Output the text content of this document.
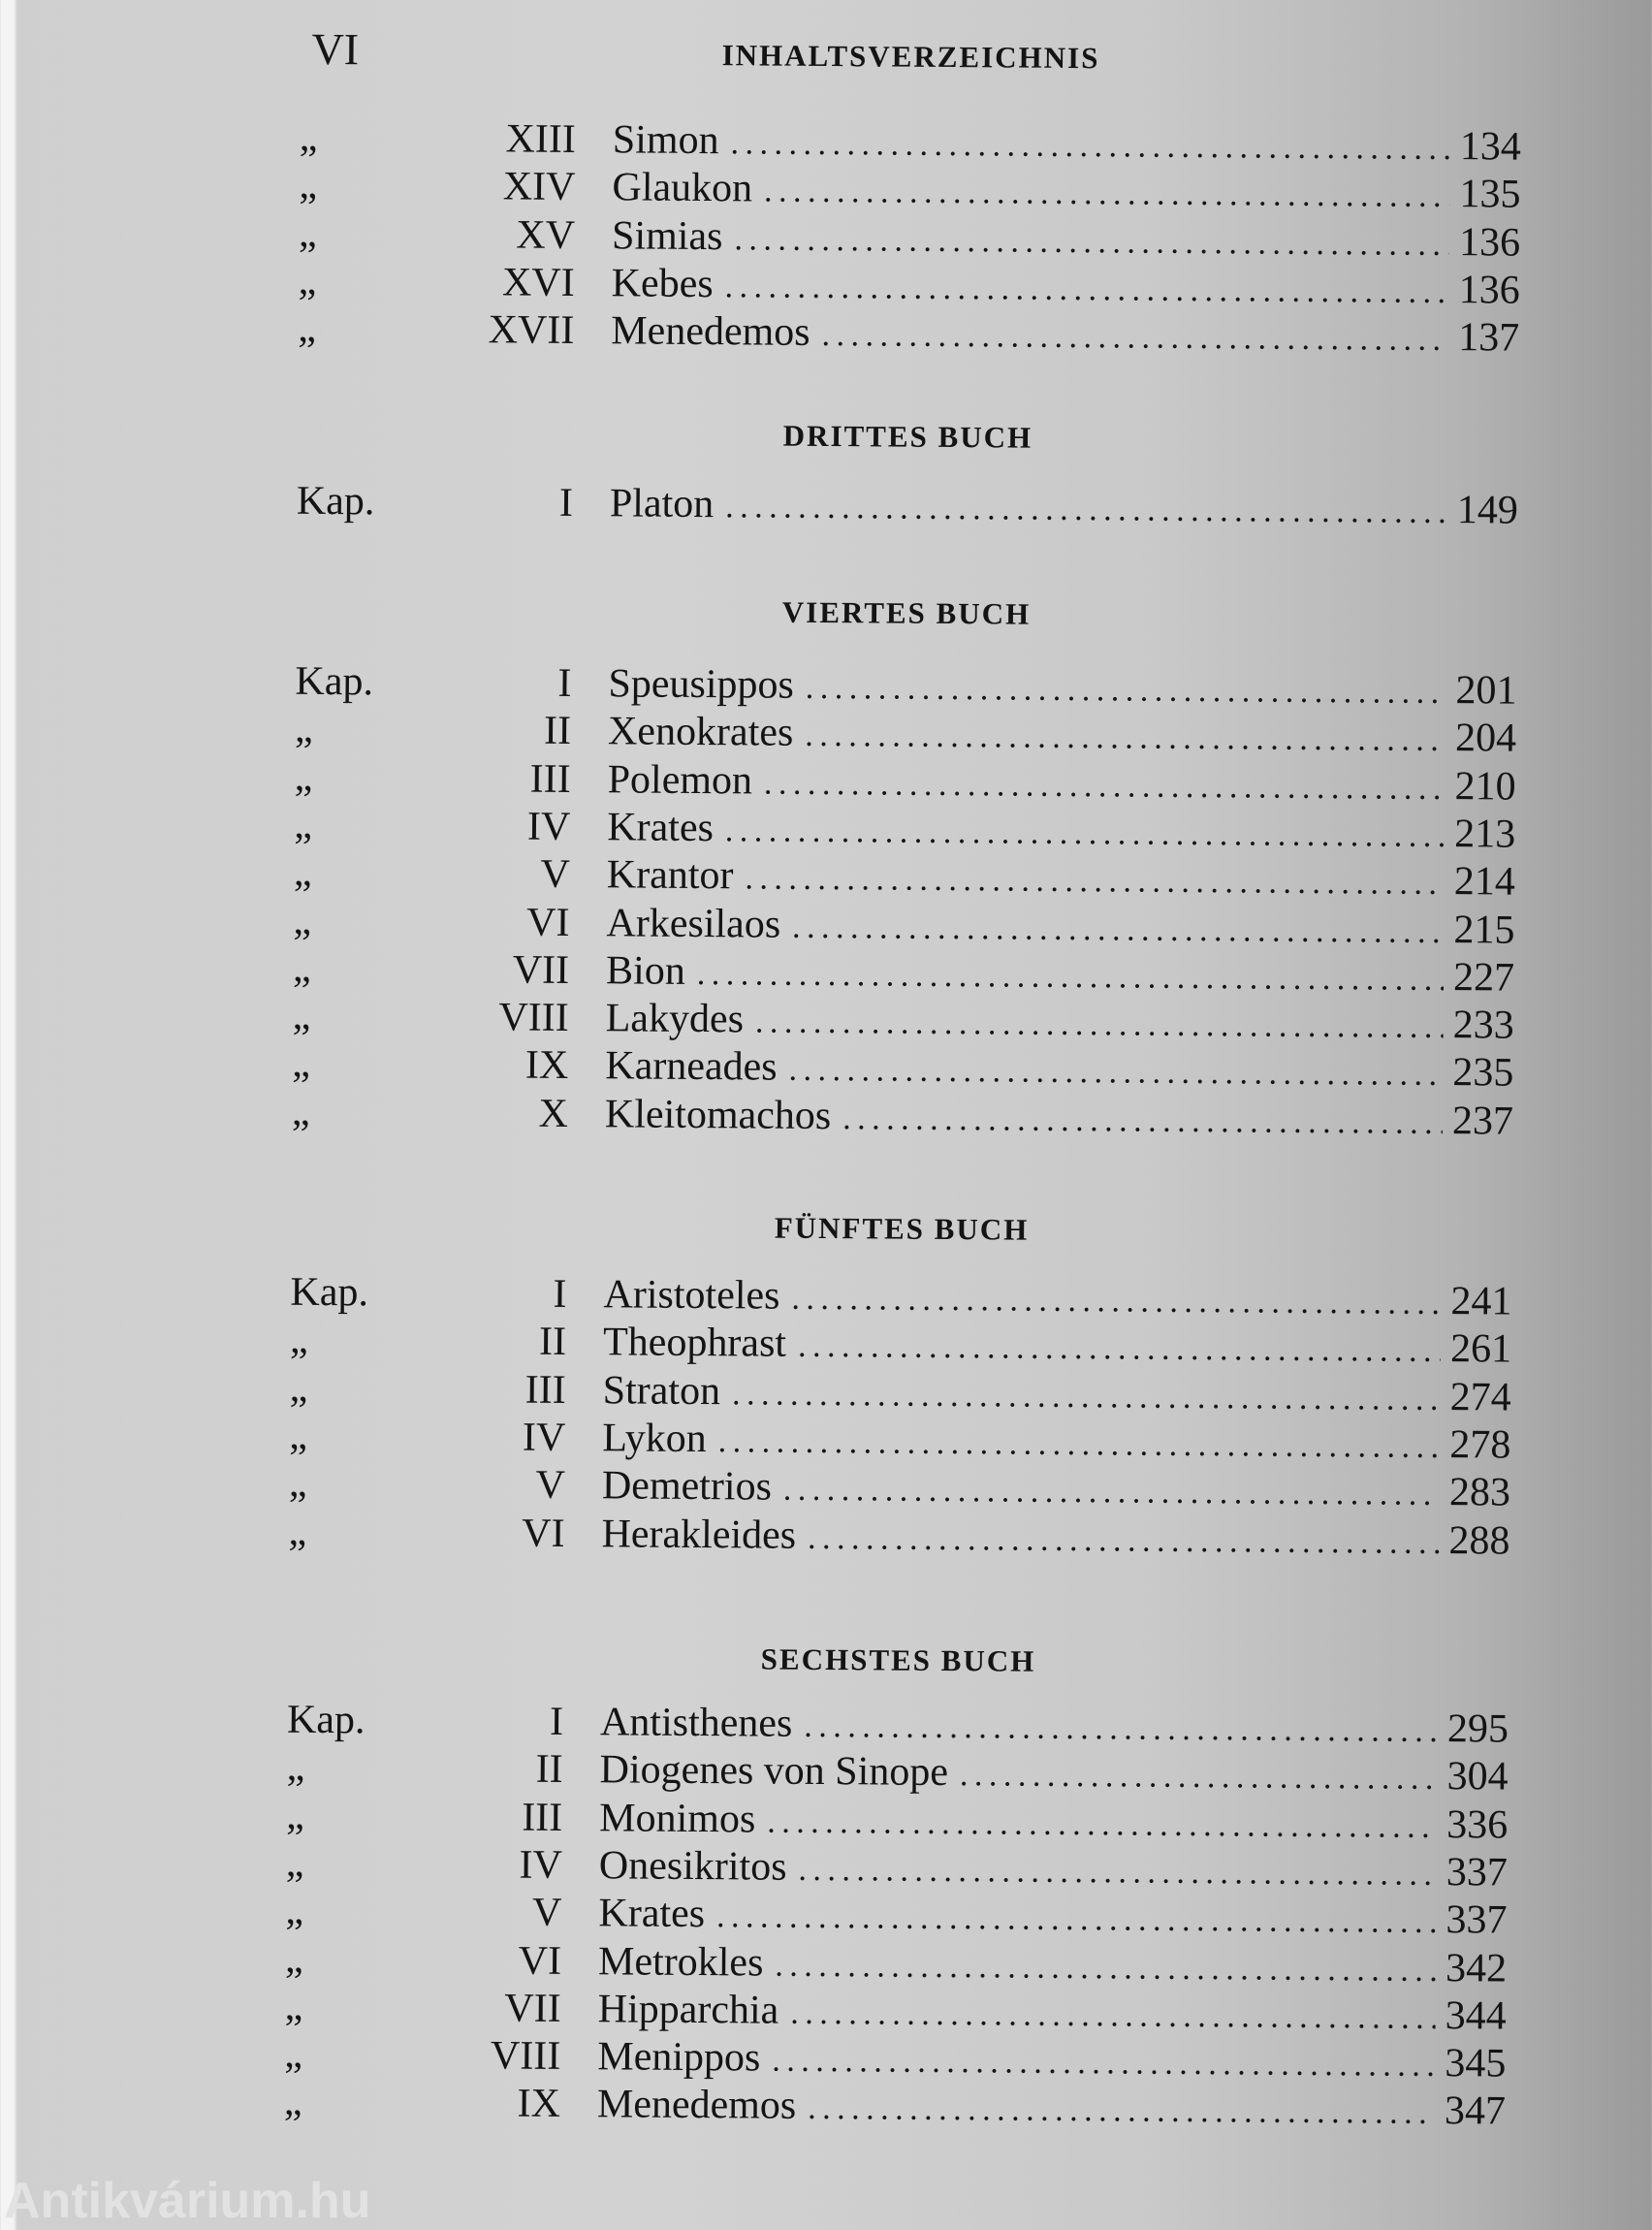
VI	INHALTSVERZEICHNIS
„	XIII Simon . . .	134
„	XIV Glaukon . . .	135
„	XV Simias . . .	136
„	XVI Kebes . . .	136
„	XVII Menedemos . . .	137
DRITTES BUCH
Kap.	I Platon . . .	149
VIERTES BUCH
Kap.	I Speusippos . . .	201
„	II Xenokrates . . .	204
„	III Polemon . . .	210
„	IV Krates . . .	213
„	V Krantor . . .	214
„	VI Arkesilaos . . .	215
„	VII Bion . . .	227
„	VIII Lakydes . . .	233
„	IX Karneades . . .	235
„	X Kleitomachos . . .	237
FÜNFTES BUCH
Kap.	I Aristoteles . . .	241
„	II Theophrast . . .	261
„	III Straton . . .	274
„	IV Lykon . . .	278
„	V Demetrios . . .	283
„	VI Herakleides . . .	288
SECHSTES BUCH
Kap.	I Antisthenes . . .	295
„	II Diogenes von Sinope . . .	304
„	III Monimos . . .	336
„	IV Onesikritos . . .	337
„	V Krates . . .	337
„	VI Metrokles . . .	342
„	VII Hipparchia . . .	344
„	VIII Menippos . . .	345
„	IX Menedemos . . .	347
Antikvárium.hu
